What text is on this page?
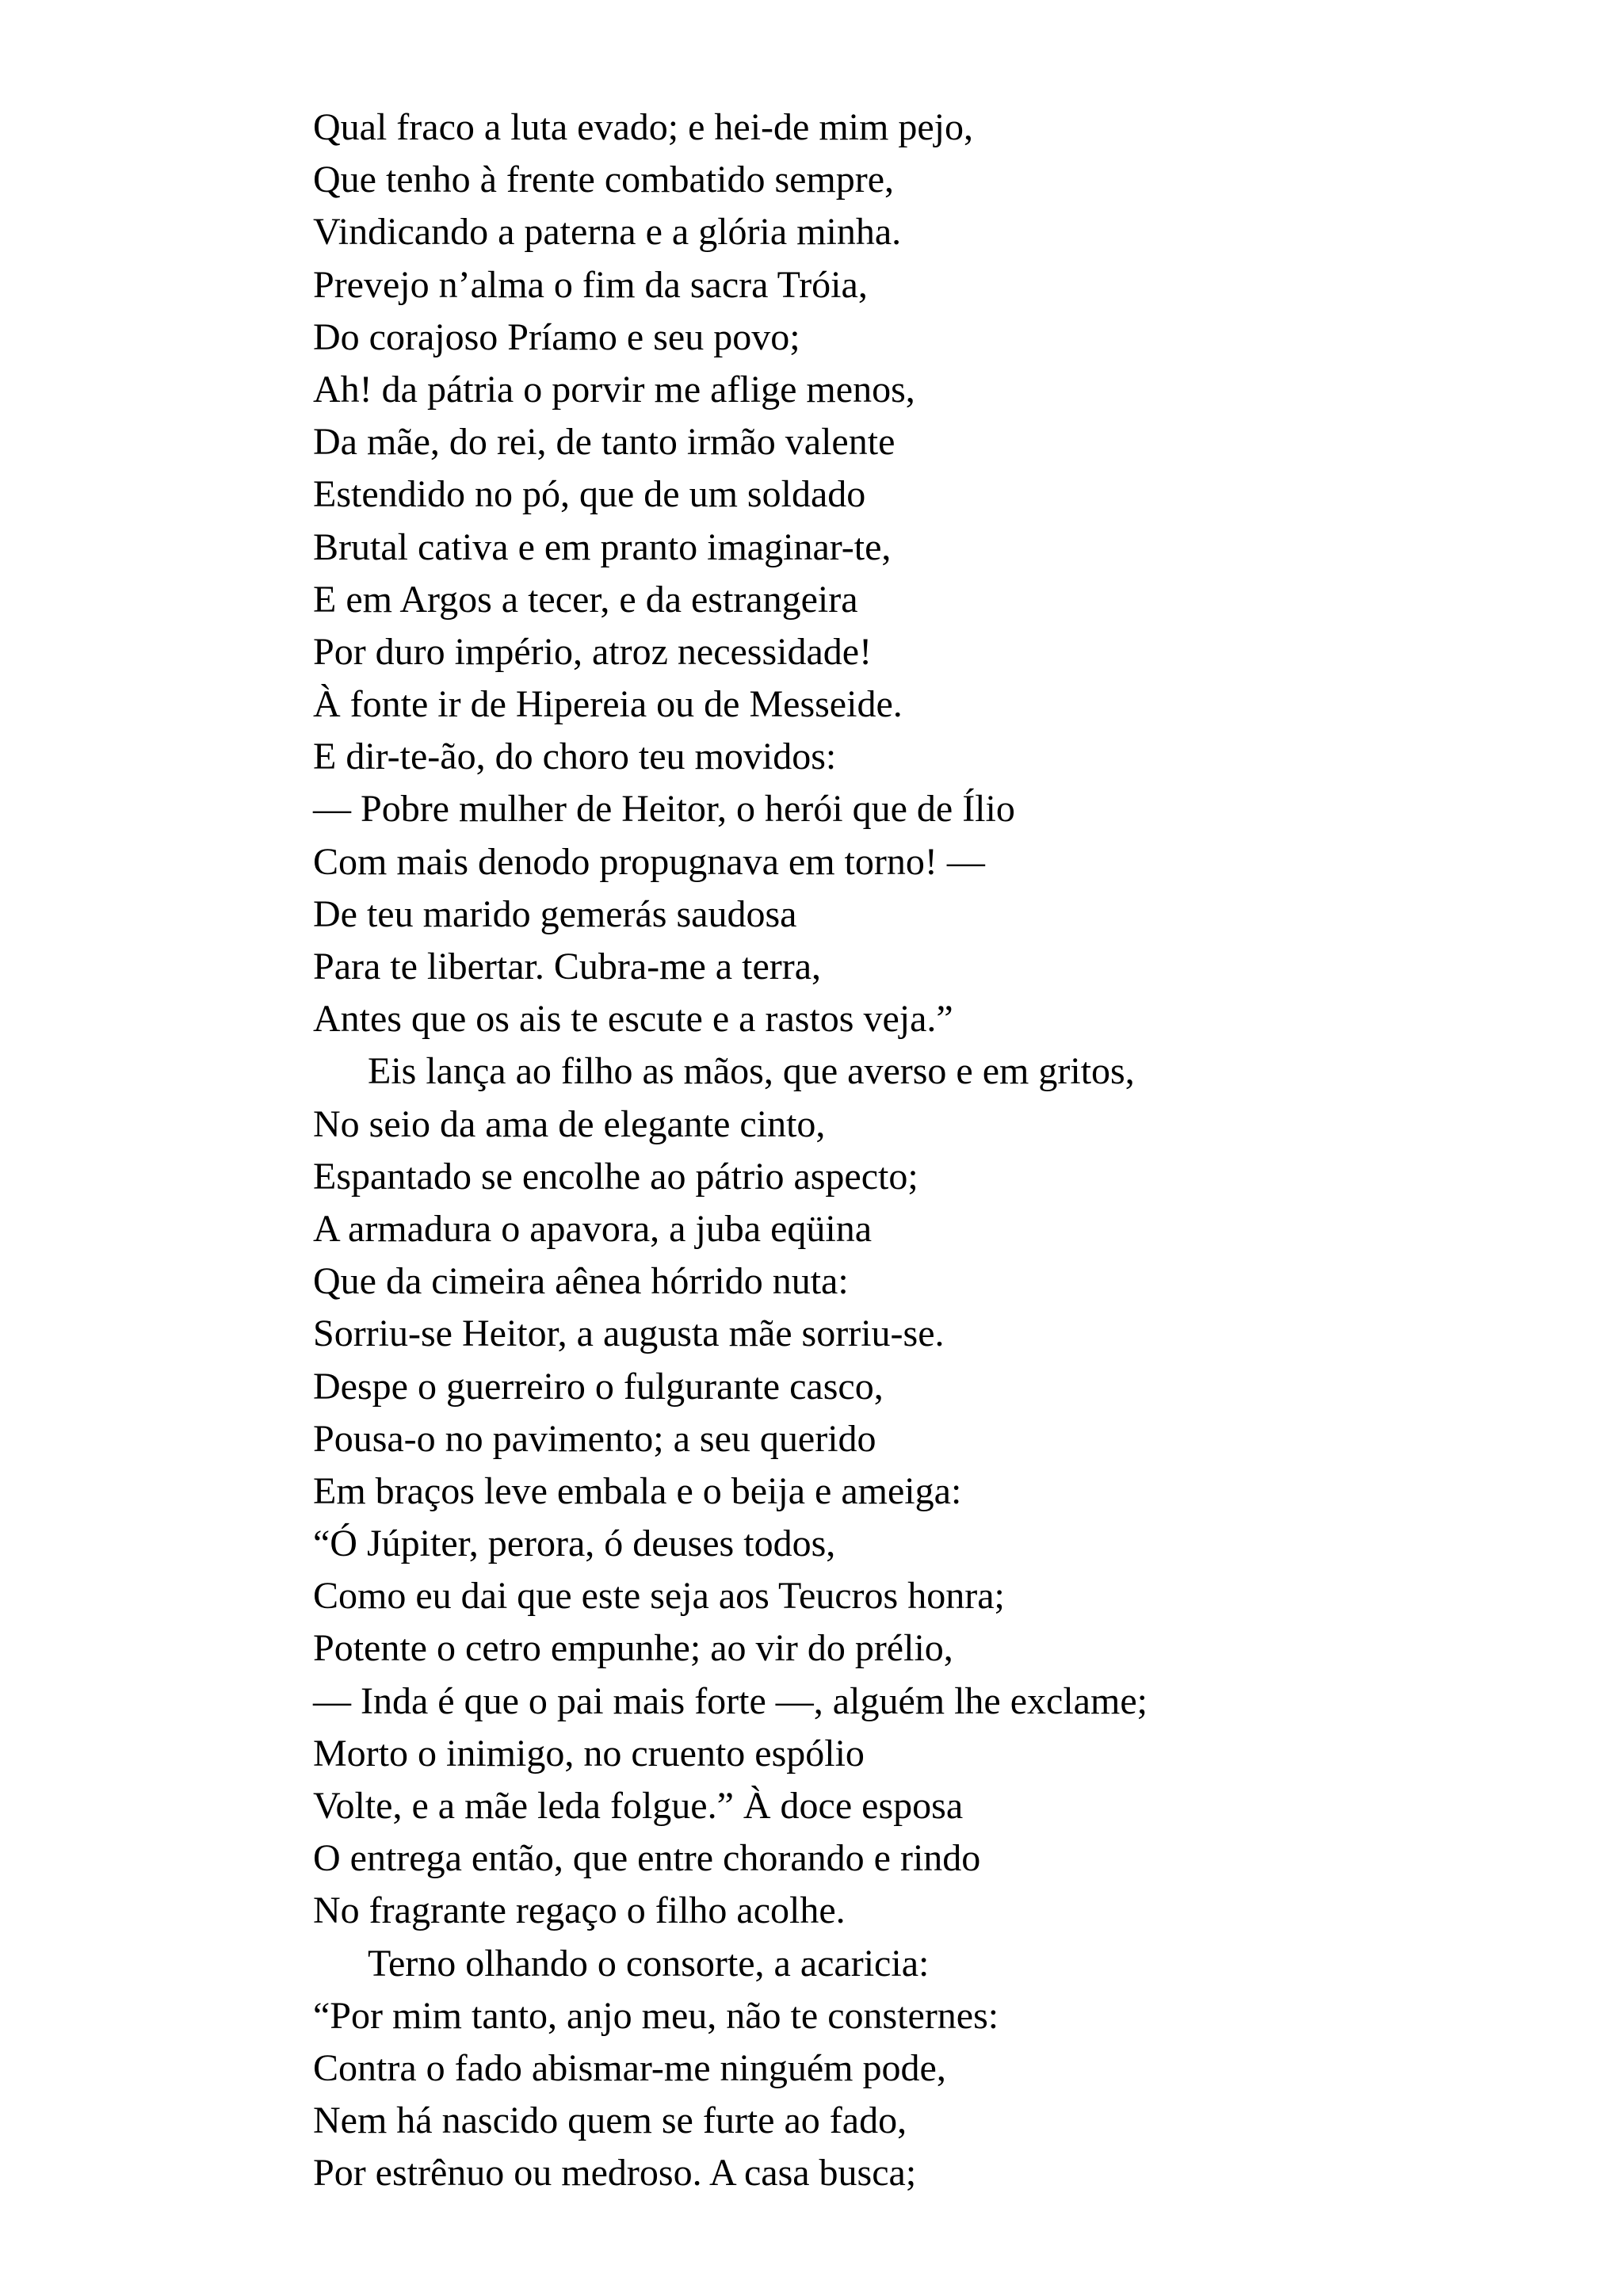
Qual fraco a luta evado; e hei-de mim pejo,
Que tenho à frente combatido sempre,
Vindicando a paterna e a glória minha.
Prevejo n’alma o fim da sacra Tróia,
Do corajoso Príamo e seu povo;
Ah! da pátria o porvir me aflige menos,
Da mãe, do rei, de tanto irmão valente
Estendido no pó, que de um soldado
Brutal cativa e em pranto imaginar-te,
E em Argos a tecer, e da estrangeira
Por duro império, atroz necessidade!
À fonte ir de Hipereia ou de Messeide.
E dir-te-ão, do choro teu movidos:
— Pobre mulher de Heitor, o herói que de Ílio
Com mais denodo propugnava em torno! —
De teu marido gemerás saudosa
Para te libertar. Cubra-me a terra,
Antes que os ais te escute e a rastos veja.”
Eis lança ao filho as mãos, que averso e em gritos,
No seio da ama de elegante cinto,
Espantado se encolhe ao pátrio aspecto;
A armadura o apavora, a juba eqüina
Que da cimeira aênea hórrido nuta:
Sorriu-se Heitor, a augusta mãe sorriu-se.
Despe o guerreiro o fulgurante casco,
Pousa-o no pavimento; a seu querido
Em braços leve embala e o beija e ameiga:
“Ó Júpiter, perora, ó deuses todos,
Como eu dai que este seja aos Teucros honra;
Potente o cetro empunhe; ao vir do prélio,
— Inda é que o pai mais forte —, alguém lhe exclame;
Morto o inimigo, no cruento espólio
Volte, e a mãe leda folgue.” À doce esposa
O entrega então, que entre chorando e rindo
No fragrante regaço o filho acolhe.
Terno olhando o consorte, a acaricia:
“Por mim tanto, anjo meu, não te consternes:
Contra o fado abismar-me ninguém pode,
Nem há nascido quem se furte ao fado,
Por estrênuo ou medroso. A casa busca;
